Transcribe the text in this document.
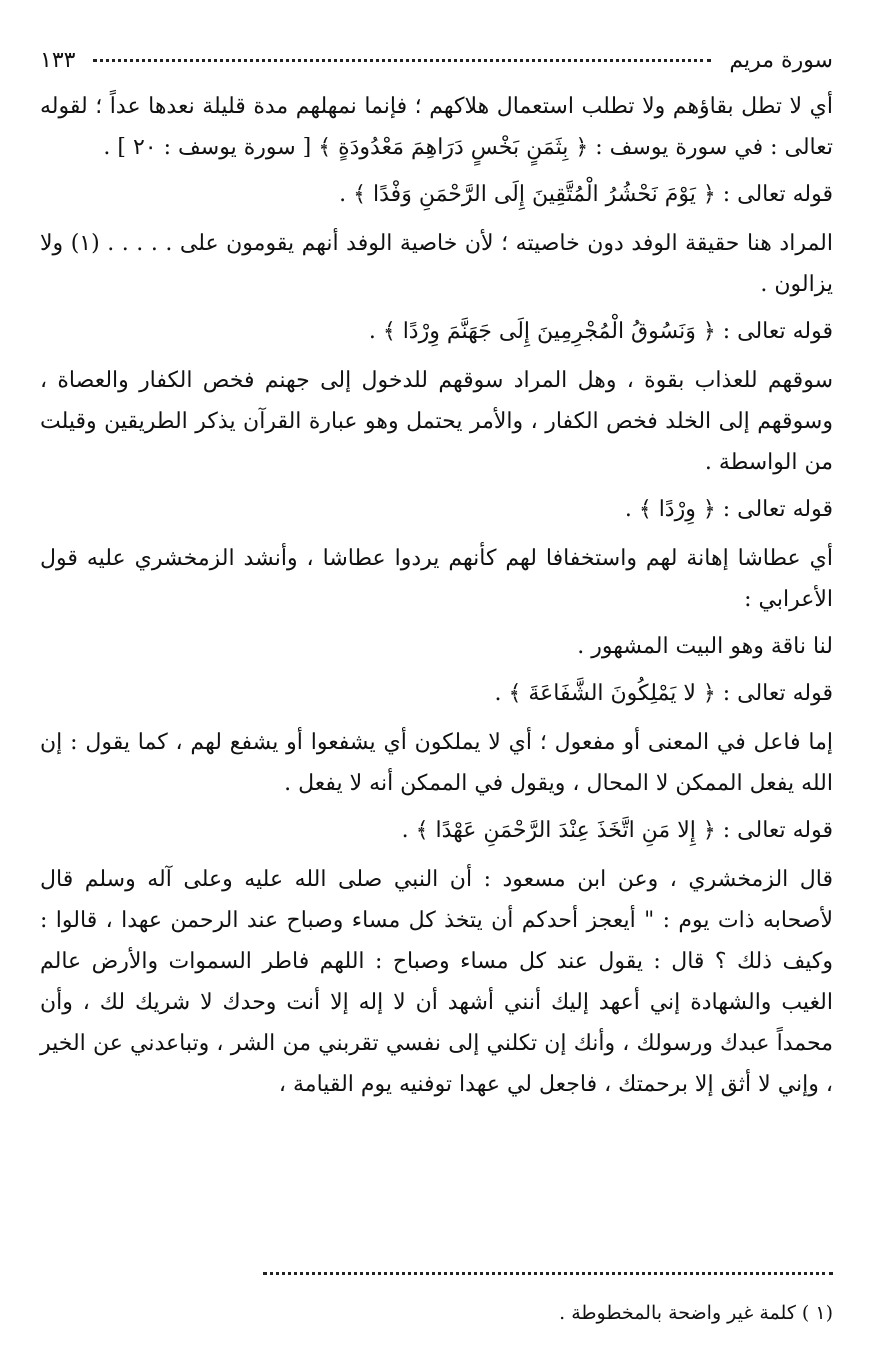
سورة مريم
١٣٣

أي لا تطل بقاؤهم ولا تطلب استعمال هلاكهم ؛ فإنما نمهلهم مدة قليلة نعدها عداً ؛ لقوله تعالى : في سورة يوسف : ﴿ بِثَمَنٍ بَخْسٍ دَرَاهِمَ مَعْدُودَةٍ ﴾ [ سورة يوسف : ٢٠ ] .

قوله تعالى : ﴿ يَوْمَ نَحْشُرُ الْمُتَّقِينَ إِلَى الرَّحْمَنِ وَفْدًا ﴾ .

المراد هنا حقيقة الوفد دون خاصيته ؛ لأن خاصية الوفد أنهم يقومون على . . . . . (١) ولا يزالون .

قوله تعالى : ﴿ وَنَسُوقُ الْمُجْرِمِينَ إِلَى جَهَنَّمَ وِرْدًا ﴾ .

سوقهم للعذاب بقوة ، وهل المراد سوقهم للدخول إلى جهنم فخص الكفار والعصاة ، وسوقهم إلى الخلد فخص الكفار ، والأمر يحتمل وهو عبارة القرآن يذكر الطريقين وقيلت من الواسطة .

قوله تعالى : ﴿ وِرْدًا ﴾ .

أي عطاشا إهانة لهم واستخفافا لهم كأنهم يردوا عطاشا ، وأنشد الزمخشري عليه قول الأعرابي :

لنا ناقة وهو البيت المشهور .

قوله تعالى : ﴿ لا يَمْلِكُونَ الشَّفَاعَةَ ﴾ .

إما فاعل في المعنى أو مفعول ؛ أي لا يملكون أي يشفعوا أو يشفع لهم ، كما يقول : إن الله يفعل الممكن لا المحال ، ويقول في الممكن أنه لا يفعل .

قوله تعالى : ﴿ إِلا مَنِ اتَّخَذَ عِنْدَ الرَّحْمَنِ عَهْدًا ﴾ .

قال الزمخشري ، وعن ابن مسعود : أن النبي صلى الله عليه وعلى آله وسلم قال لأصحابه ذات يوم : " أيعجز أحدكم أن يتخذ كل مساء وصباح عند الرحمن عهدا ، قالوا : وكيف ذلك ؟ قال : يقول عند كل مساء وصباح : اللهم فاطر السموات والأرض عالم الغيب والشهادة إني أعهد إليك أنني أشهد أن لا إله إلا أنت وحدك لا شريك لك ، وأن محمداً عبدك ورسولك ، وأنك إن تكلني إلى نفسي تقربني من الشر ، وتباعدني عن الخير ، وإني لا أثق إلا برحمتك ، فاجعل لي عهدا توفنيه يوم القيامة ،

(١ ) كلمة غير واضحة بالمخطوطة .
